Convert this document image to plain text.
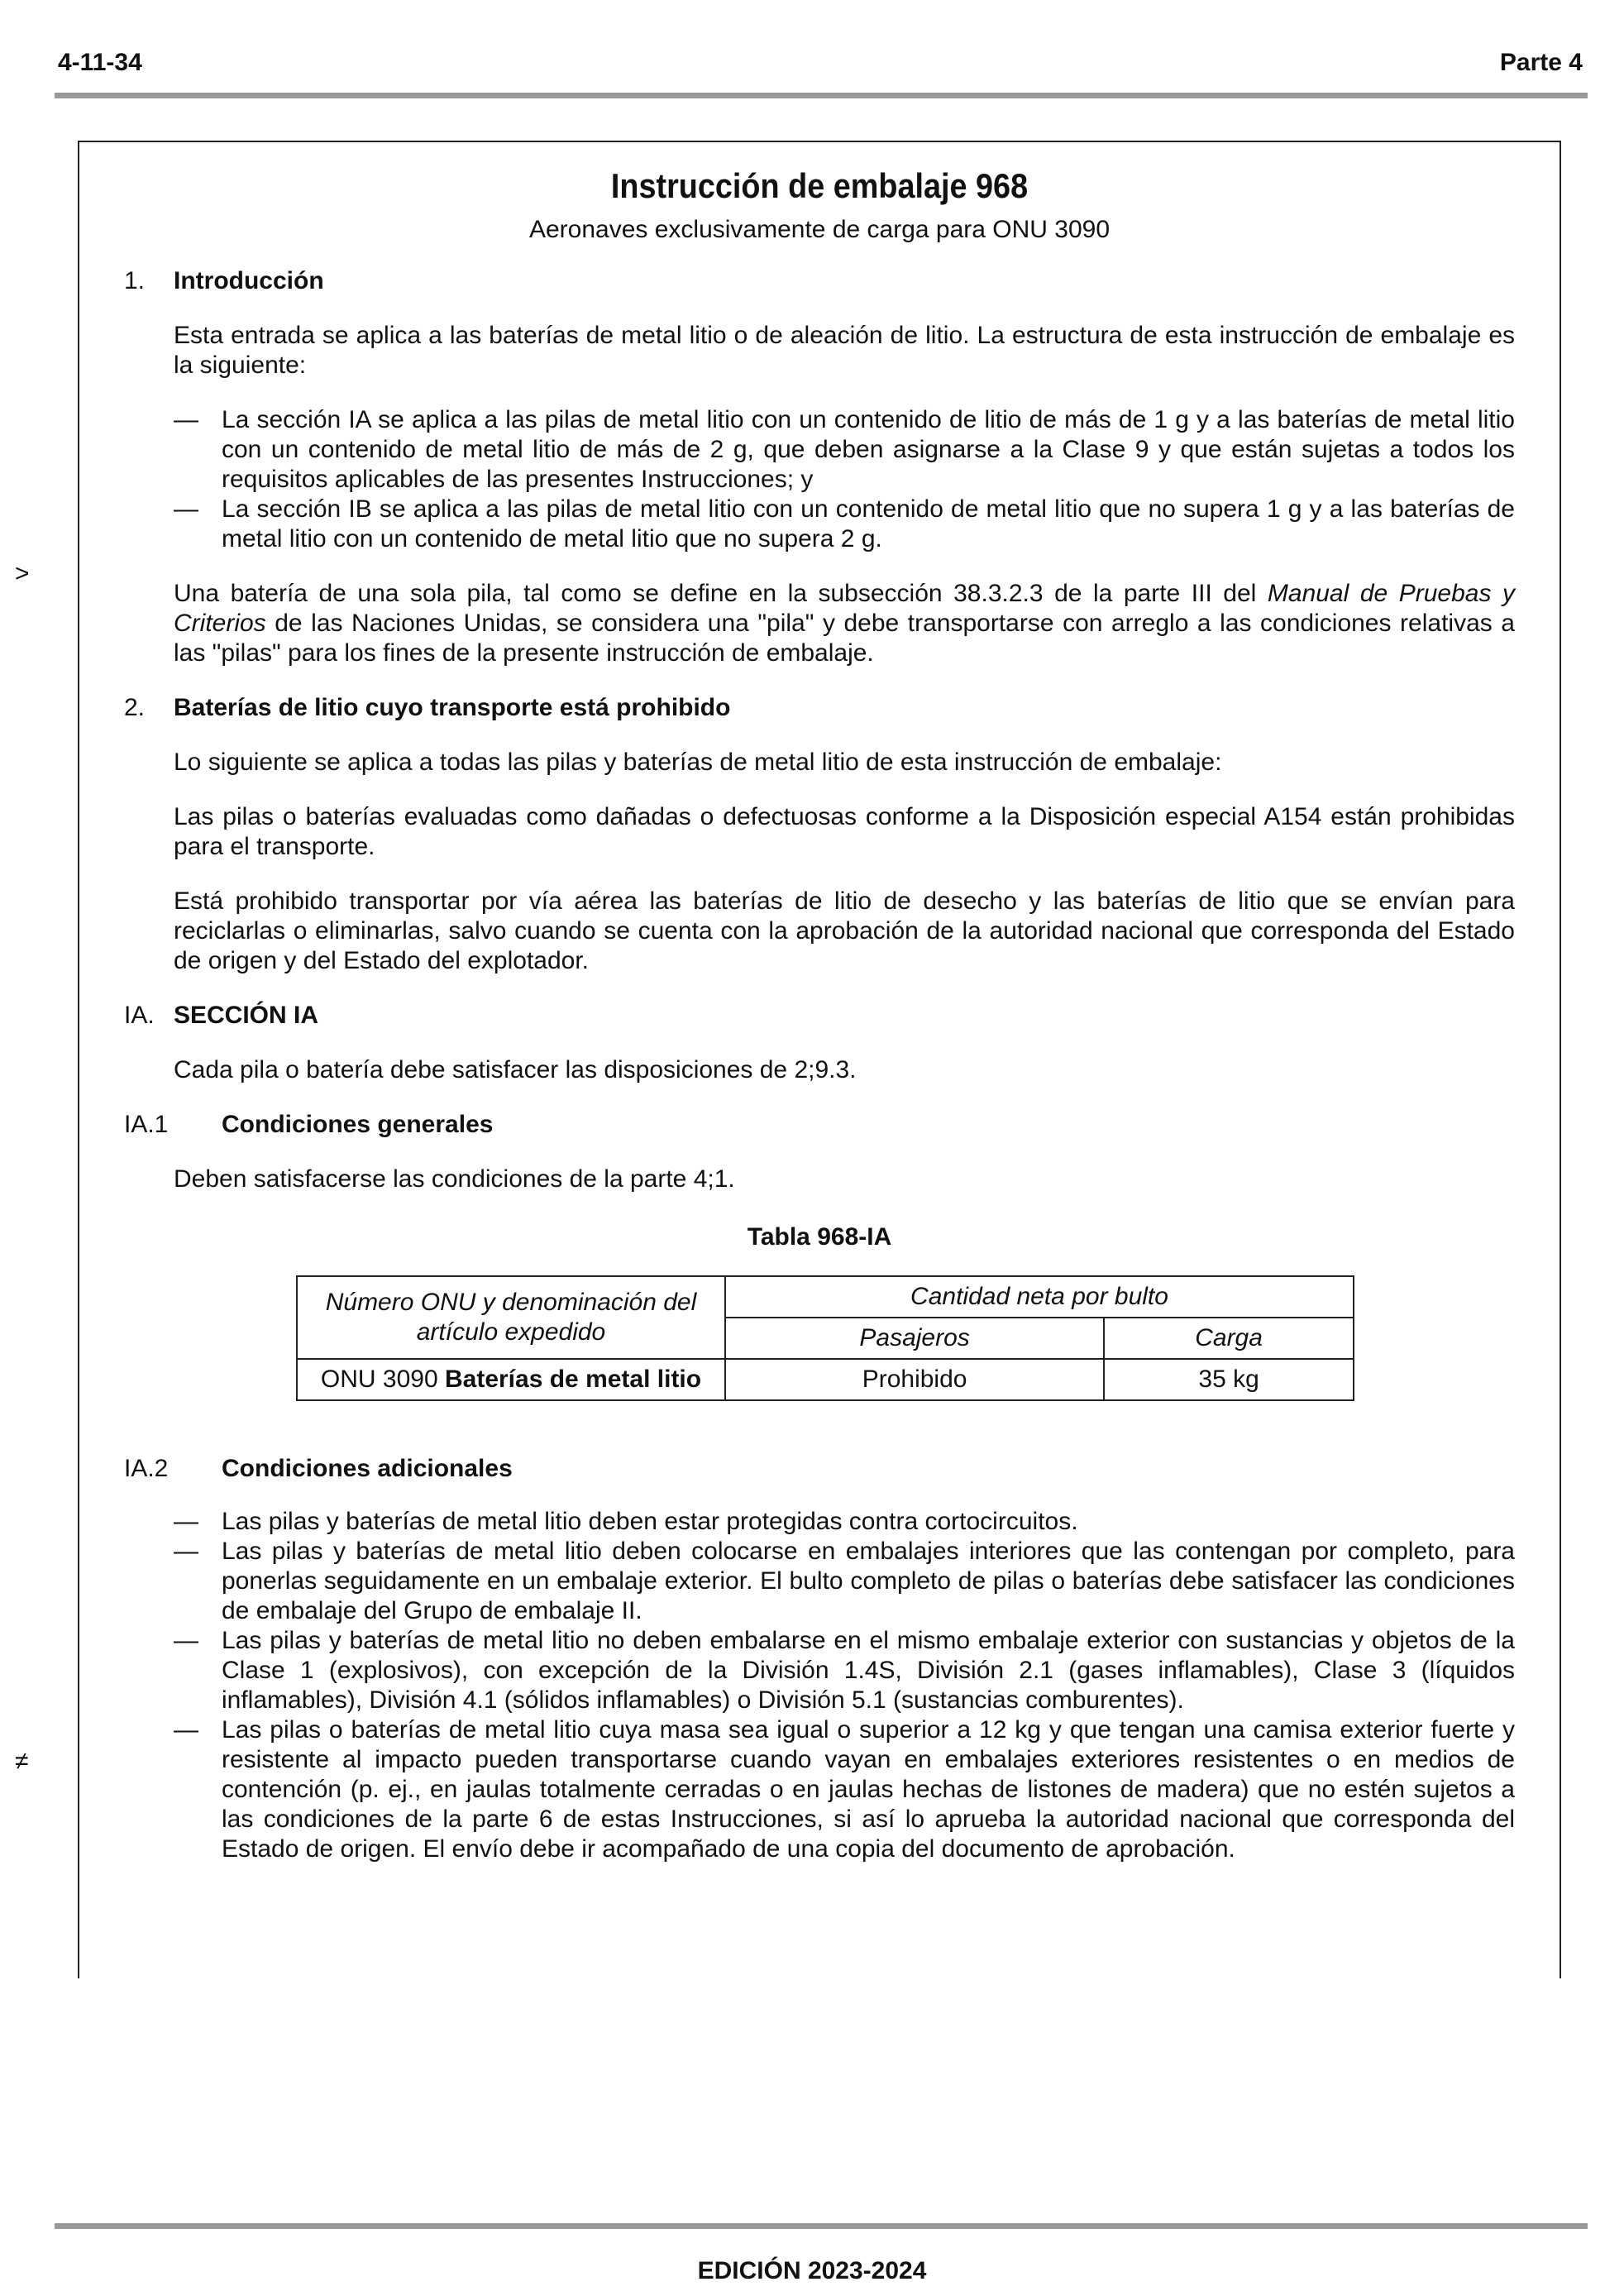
4-11-34	Parte 4
>
≠
Instrucción de embalaje 968
Aeronaves exclusivamente de carga para ONU 3090
1.	Introducción
Esta entrada se aplica a las baterías de metal litio o de aleación de litio. La estructura de esta instrucción de embalaje es la siguiente:
— La sección IA se aplica a las pilas de metal litio con un contenido de litio de más de 1 g y a las baterías de metal litio con un contenido de metal litio de más de 2 g, que deben asignarse a la Clase 9 y que están sujetas a todos los requisitos aplicables de las presentes Instrucciones; y
— La sección IB se aplica a las pilas de metal litio con un contenido de metal litio que no supera 1 g y a las baterías de metal litio con un contenido de metal litio que no supera 2 g.
Una batería de una sola pila, tal como se define en la subsección 38.3.2.3 de la parte III del Manual de Pruebas y Criterios de las Naciones Unidas, se considera una "pila" y debe transportarse con arreglo a las condiciones relativas a las "pilas" para los fines de la presente instrucción de embalaje.
2.	Baterías de litio cuyo transporte está prohibido
Lo siguiente se aplica a todas las pilas y baterías de metal litio de esta instrucción de embalaje:
Las pilas o baterías evaluadas como dañadas o defectuosas conforme a la Disposición especial A154 están prohibidas para el transporte.
Está prohibido transportar por vía aérea las baterías de litio de desecho y las baterías de litio que se envían para reciclarlas o eliminarlas, salvo cuando se cuenta con la aprobación de la autoridad nacional que corresponda del Estado de origen y del Estado del explotador.
IA. SECCIÓN IA
Cada pila o batería debe satisfacer las disposiciones de 2;9.3.
IA.1	Condiciones generales
Deben satisfacerse las condiciones de la parte 4;1.
Tabla 968-IA
Número ONU y denominación del artículo expedido	Cantidad neta por bulto	
	Pasajeros	Carga
ONU 3090 Baterías de metal litio	Prohibido	35 kg
IA.2	Condiciones adicionales
— Las pilas y baterías de metal litio deben estar protegidas contra cortocircuitos.
— Las pilas y baterías de metal litio deben colocarse en embalajes interiores que las contengan por completo, para ponerlas seguidamente en un embalaje exterior. El bulto completo de pilas o baterías debe satisfacer las condiciones de embalaje del Grupo de embalaje II.
— Las pilas y baterías de metal litio no deben embalarse en el mismo embalaje exterior con sustancias y objetos de la Clase 1 (explosivos), con excepción de la División 1.4S, División 2.1 (gases inflamables), Clase 3 (líquidos inflamables), División 4.1 (sólidos inflamables) o División 5.1 (sustancias comburentes).
— Las pilas o baterías de metal litio cuya masa sea igual o superior a 12 kg y que tengan una camisa exterior fuerte y resistente al impacto pueden transportarse cuando vayan en embalajes exteriores resistentes o en medios de contención (p. ej., en jaulas totalmente cerradas o en jaulas hechas de listones de madera) que no estén sujetos a las condiciones de la parte 6 de estas Instrucciones, si así lo aprueba la autoridad nacional que corresponda del Estado de origen. El envío debe ir acompañado de una copia del documento de aprobación.
EDICIÓN 2023-2024
